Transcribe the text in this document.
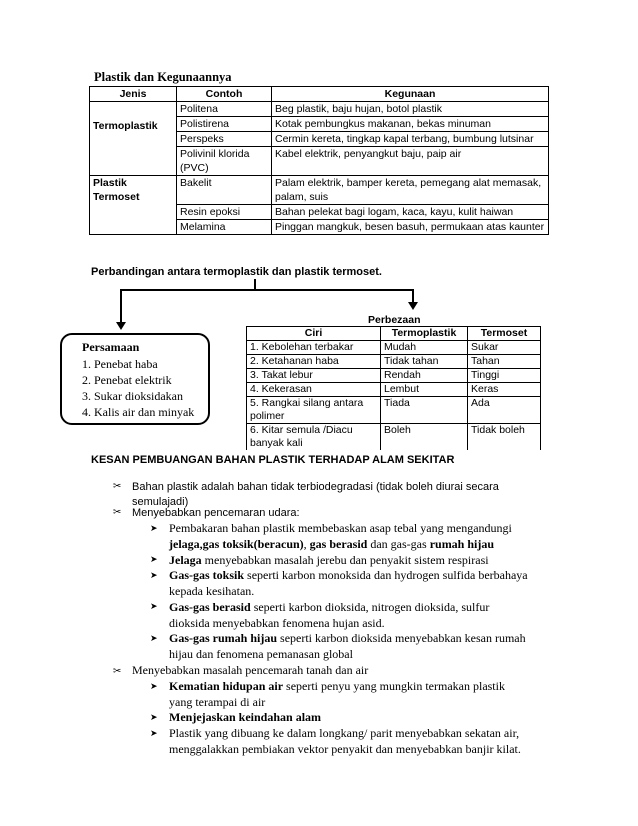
Plastik dan Kegunaannya
Jenis	Contoh	Kegunaan
Termoplastik	Politena	Beg plastik, baju hujan, botol plastik
	Polistirena	Kotak pembungkus makanan, bekas minuman
	Perspeks	Cermin kereta, tingkap kapal terbang, bumbung lutsinar
	Polivinil klorida (PVC)	Kabel elektrik, penyangkut baju, paip air
Plastik Termoset	Bakelit	Palam elektrik, bamper kereta, pemegang alat memasak, palam, suis
	Resin epoksi	Bahan pelekat bagi logam, kaca, kayu, kulit haiwan
	Melamina	Pinggan mangkuk, besen basuh, permukaan atas kaunter
Perbandingan antara termoplastik dan plastik termoset.
Persamaan
1. Penebat haba
2. Penebat elektrik
3. Sukar dioksidakan
4. Kalis air dan minyak
Perbezaan
Ciri	Termoplastik	Termoset
1. Kebolehan terbakar	Mudah	Sukar
2. Ketahanan haba	Tidak tahan	Tahan
3. Takat lebur	Rendah	Tinggi
4. Kekerasan	Lembut	Keras
5. Rangkai silang antara polimer	Tiada	Ada
6. Kitar semula /Diacu banyak kali	Boleh	Tidak boleh
KESAN PEMBUANGAN BAHAN PLASTIK TERHADAP ALAM SEKITAR
✂ Bahan plastik adalah bahan tidak terbiodegradasi (tidak boleh diurai secara
semulajadi)
✂ Menyebabkan pencemaran udara:
➤ Pembakaran bahan plastik membebaskan asap tebal yang mengandungi
jelaga,gas toksik(beracun), gas berasid dan gas-gas rumah hijau
➤ Jelaga menyebabkan masalah jerebu dan penyakit sistem respirasi
➤ Gas-gas toksik seperti karbon monoksida dan hydrogen sulfida berbahaya
kepada kesihatan.
➤ Gas-gas berasid seperti karbon dioksida, nitrogen dioksida, sulfur
dioksida menyebabkan fenomena hujan asid.
➤ Gas-gas rumah hijau seperti karbon dioksida menyebabkan kesan rumah
hijau dan fenomena pemanasan global
✂ Menyebabkan masalah pencemarah tanah dan air
➤ Kematian hidupan air seperti penyu yang mungkin termakan plastik
yang terampai di air
➤ Menjejaskan keindahan alam
➤ Plastik yang dibuang ke dalam longkang/ parit menyebabkan sekatan air,
menggalakkan pembiakan vektor penyakit dan menyebabkan banjir kilat.
